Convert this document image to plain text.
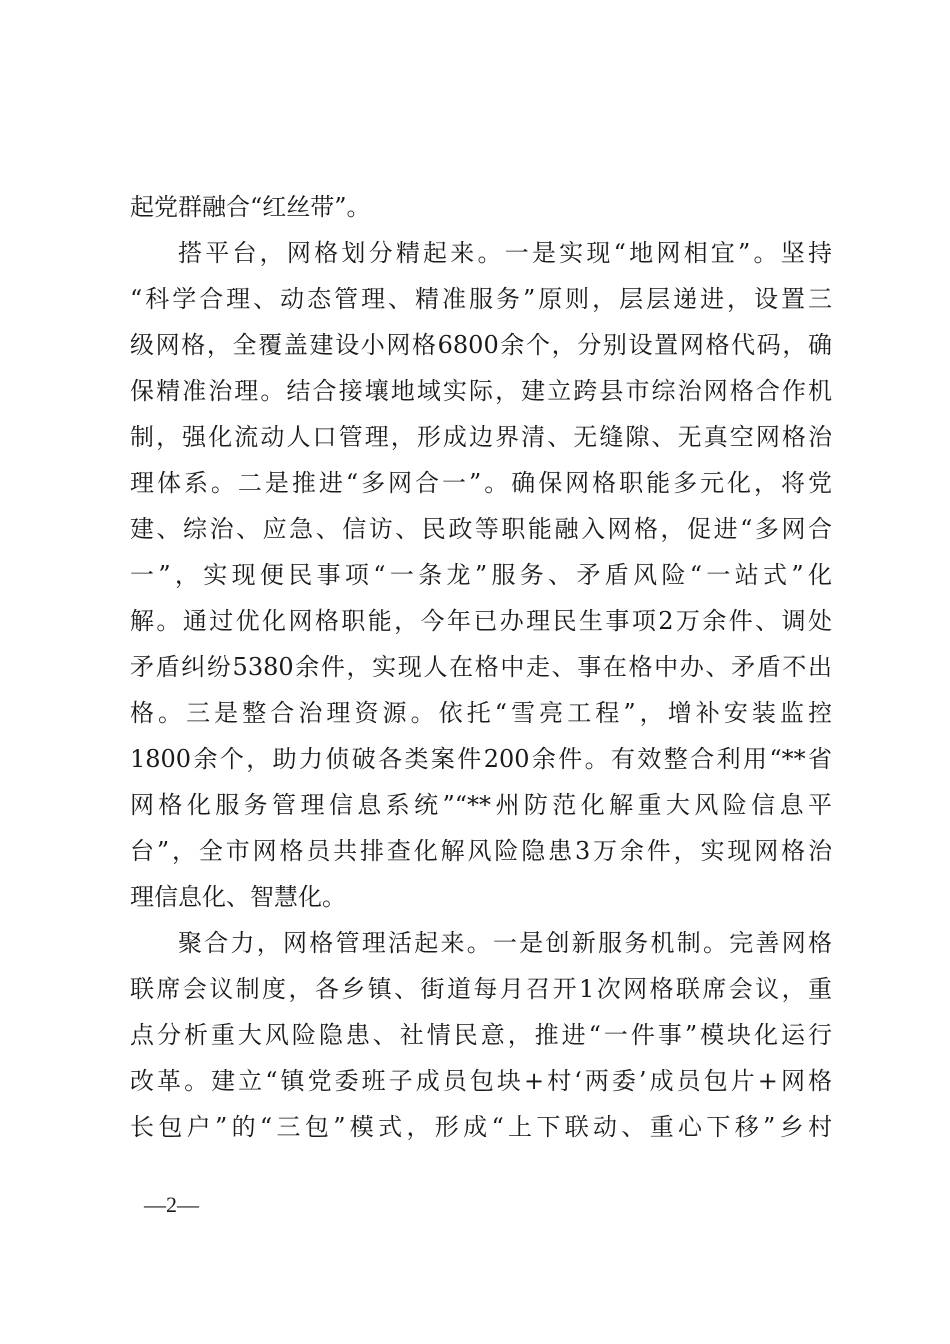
起党群融合“红丝带”。
搭平台，网格划分精起来。一是实现“地网相宜”。坚持
“科学合理、动态管理、精准服务”原则，层层递进，设置三
级网格，全覆盖建设小网格6800余个，分别设置网格代码，确
保精准治理。结合接壤地域实际，建立跨县市综治网格合作机
制，强化流动人口管理，形成边界清、无缝隙、无真空网格治
理体系。二是推进“多网合一”。确保网格职能多元化，将党
建、综治、应急、信访、民政等职能融入网格，促进“多网合
一”，实现便民事项“一条龙”服务、矛盾风险“一站式”化
解。通过优化网格职能，今年已办理民生事项2万余件、调处
矛盾纠纷5380余件，实现人在格中走、事在格中办、矛盾不出
格。三是整合治理资源。依托“雪亮工程”，增补安装监控
1800余个，助力侦破各类案件200余件。有效整合利用“**省
网格化服务管理信息系统”“**州防范化解重大风险信息平
台”，全市网格员共排查化解风险隐患3万余件，实现网格治
理信息化、智慧化。
聚合力，网格管理活起来。一是创新服务机制。完善网格
联席会议制度，各乡镇、街道每月召开1次网格联席会议，重
点分析重大风险隐患、社情民意，推进“一件事”模块化运行
改革。建立“镇党委班子成员包块+村‘两委’成员包片+网格
长包户”的“三包”模式，形成“上下联动、重心下移”乡村
—2—
